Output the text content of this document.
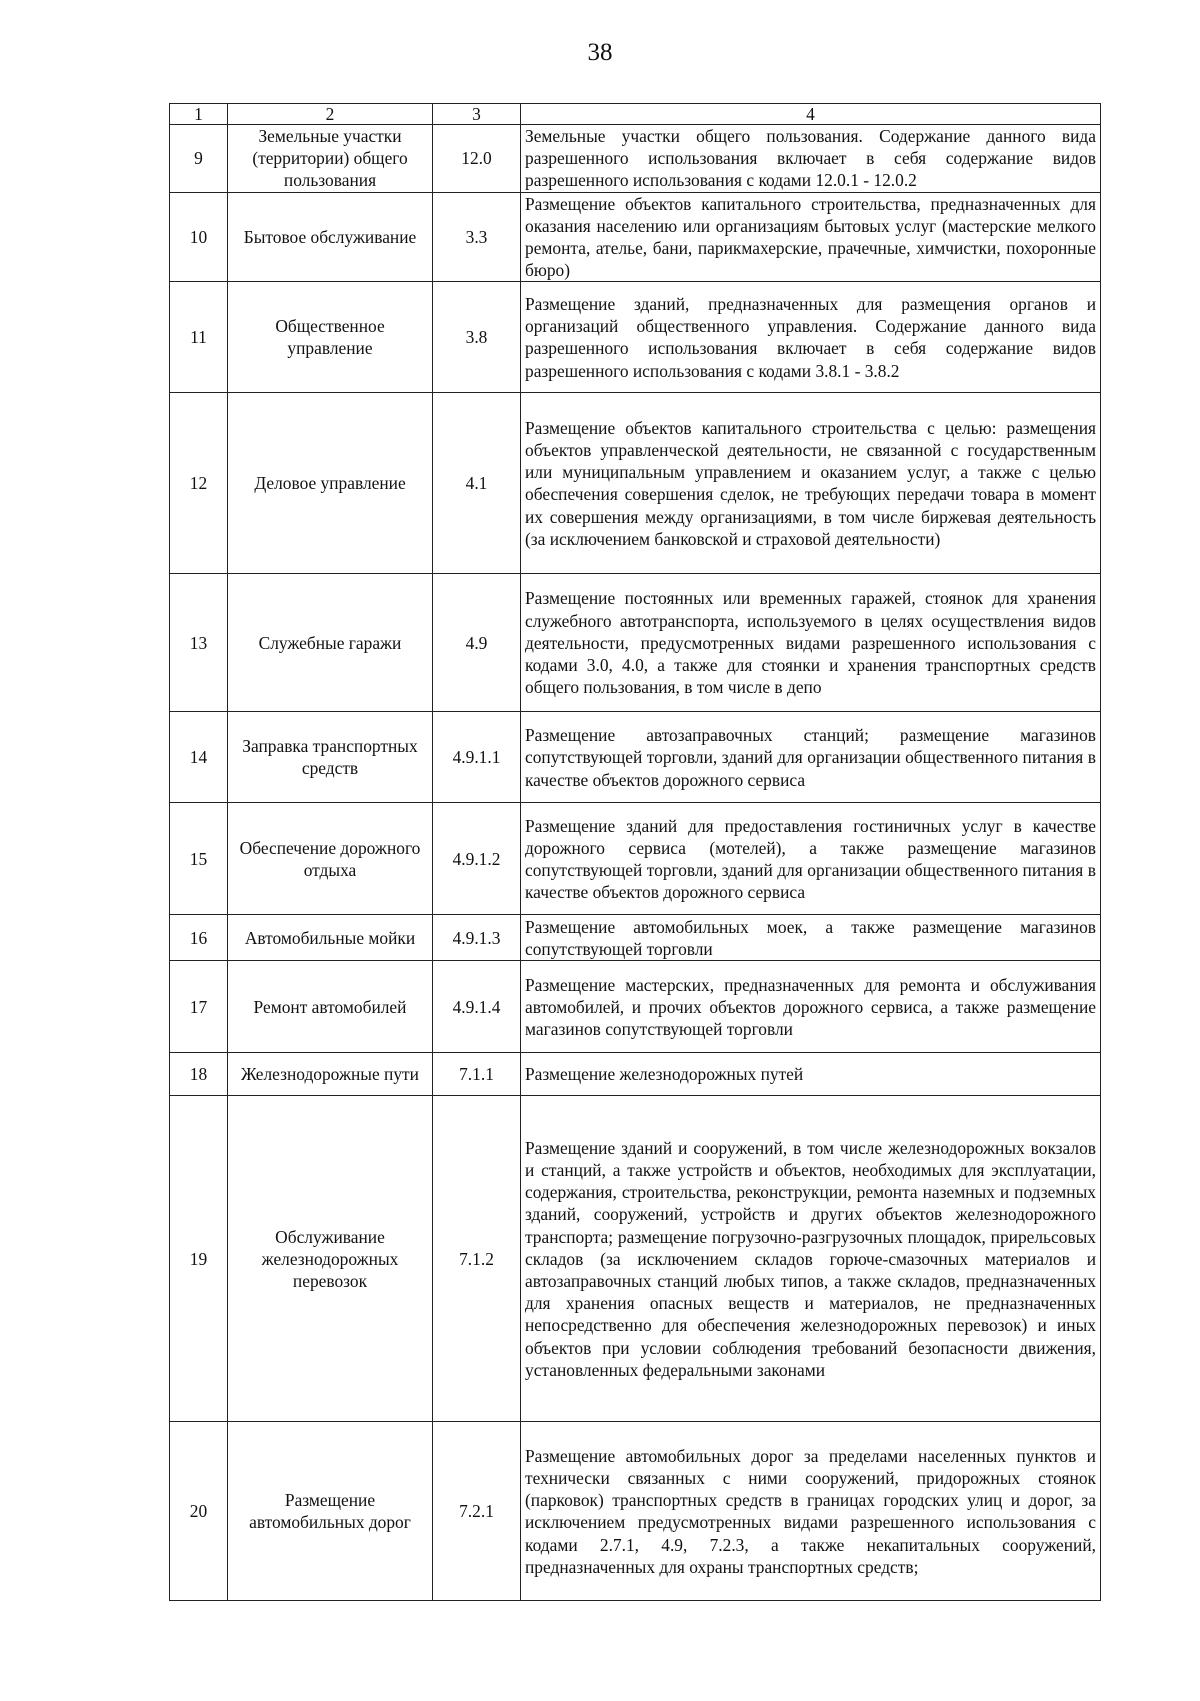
38
1	2	3	4
9	Земельные участки (территории) общего пользования	12.0	Земельные участки общего пользования. Содержание данного вида разрешенного использования включает в себя содержание видов разрешенного использования с кодами 12.0.1 - 12.0.2
10	Бытовое обслуживание	3.3	Размещение объектов капитального строительства, предназначенных для оказания населению или организациям бытовых услуг (мастерские мелкого ремонта, ателье, бани, парикмахерские, прачечные, химчистки, похоронные бюро)
11	Общественное управление	3.8	Размещение зданий, предназначенных для размещения органов и организаций общественного управления. Содержание данного вида разрешенного использования включает в себя содержание видов разрешенного использования с кодами 3.8.1 - 3.8.2
12	Деловое управление	4.1	Размещение объектов капитального строительства с целью: размещения объектов управленческой деятельности, не связанной с государственным или муниципальным управлением и оказанием услуг, а также с целью обеспечения совершения сделок, не требующих передачи товара в момент их совершения между организациями, в том числе биржевая деятельность (за исключением банковской и страховой деятельности)
13	Служебные гаражи	4.9	Размещение постоянных или временных гаражей, стоянок для хранения служебного автотранспорта, используемого в целях осуществления видов деятельности, предусмотренных видами разрешенного использования с кодами 3.0, 4.0, а также для стоянки и хранения транспортных средств общего пользования, в том числе в депо
14	Заправка транспортных средств	4.9.1.1	Размещение автозаправочных станций; размещение магазинов сопутствующей торговли, зданий для организации общественного питания в качестве объектов дорожного сервиса
15	Обеспечение дорожного отдыха	4.9.1.2	Размещение зданий для предоставления гостиничных услуг в качестве дорожного сервиса (мотелей), а также размещение магазинов сопутствующей торговли, зданий для организации общественного питания в качестве объектов дорожного сервиса
16	Автомобильные мойки	4.9.1.3	Размещение автомобильных моек, а также размещение магазинов сопутствующей торговли
17	Ремонт автомобилей	4.9.1.4	Размещение мастерских, предназначенных для ремонта и обслуживания автомобилей, и прочих объектов дорожного сервиса, а также размещение магазинов сопутствующей торговли
18	Железнодорожные пути	7.1.1	Размещение железнодорожных путей
19	Обслуживание железнодорожных перевозок	7.1.2	Размещение зданий и сооружений, в том числе железнодорожных вокзалов и станций, а также устройств и объектов, необходимых для эксплуатации, содержания, строительства, реконструкции, ремонта наземных и подземных зданий, сооружений, устройств и других объектов железнодорожного транспорта; размещение погрузочно-разгрузочных площадок, прирельсовых складов (за исключением складов горюче-смазочных материалов и автозаправочных станций любых типов, а также складов, предназначенных для хранения опасных веществ и материалов, не предназначенных непосредственно для обеспечения железнодорожных перевозок) и иных объектов при условии соблюдения требований безопасности движения, установленных федеральными законами
20	Размещение автомобильных дорог	7.2.1	Размещение автомобильных дорог за пределами населенных пунктов и технически связанных с ними сооружений, придорожных стоянок (парковок) транспортных средств в границах городских улиц и дорог, за исключением предусмотренных видами разрешенного использования с кодами 2.7.1, 4.9, 7.2.3, а также некапитальных сооружений, предназначенных для охраны транспортных средств;
